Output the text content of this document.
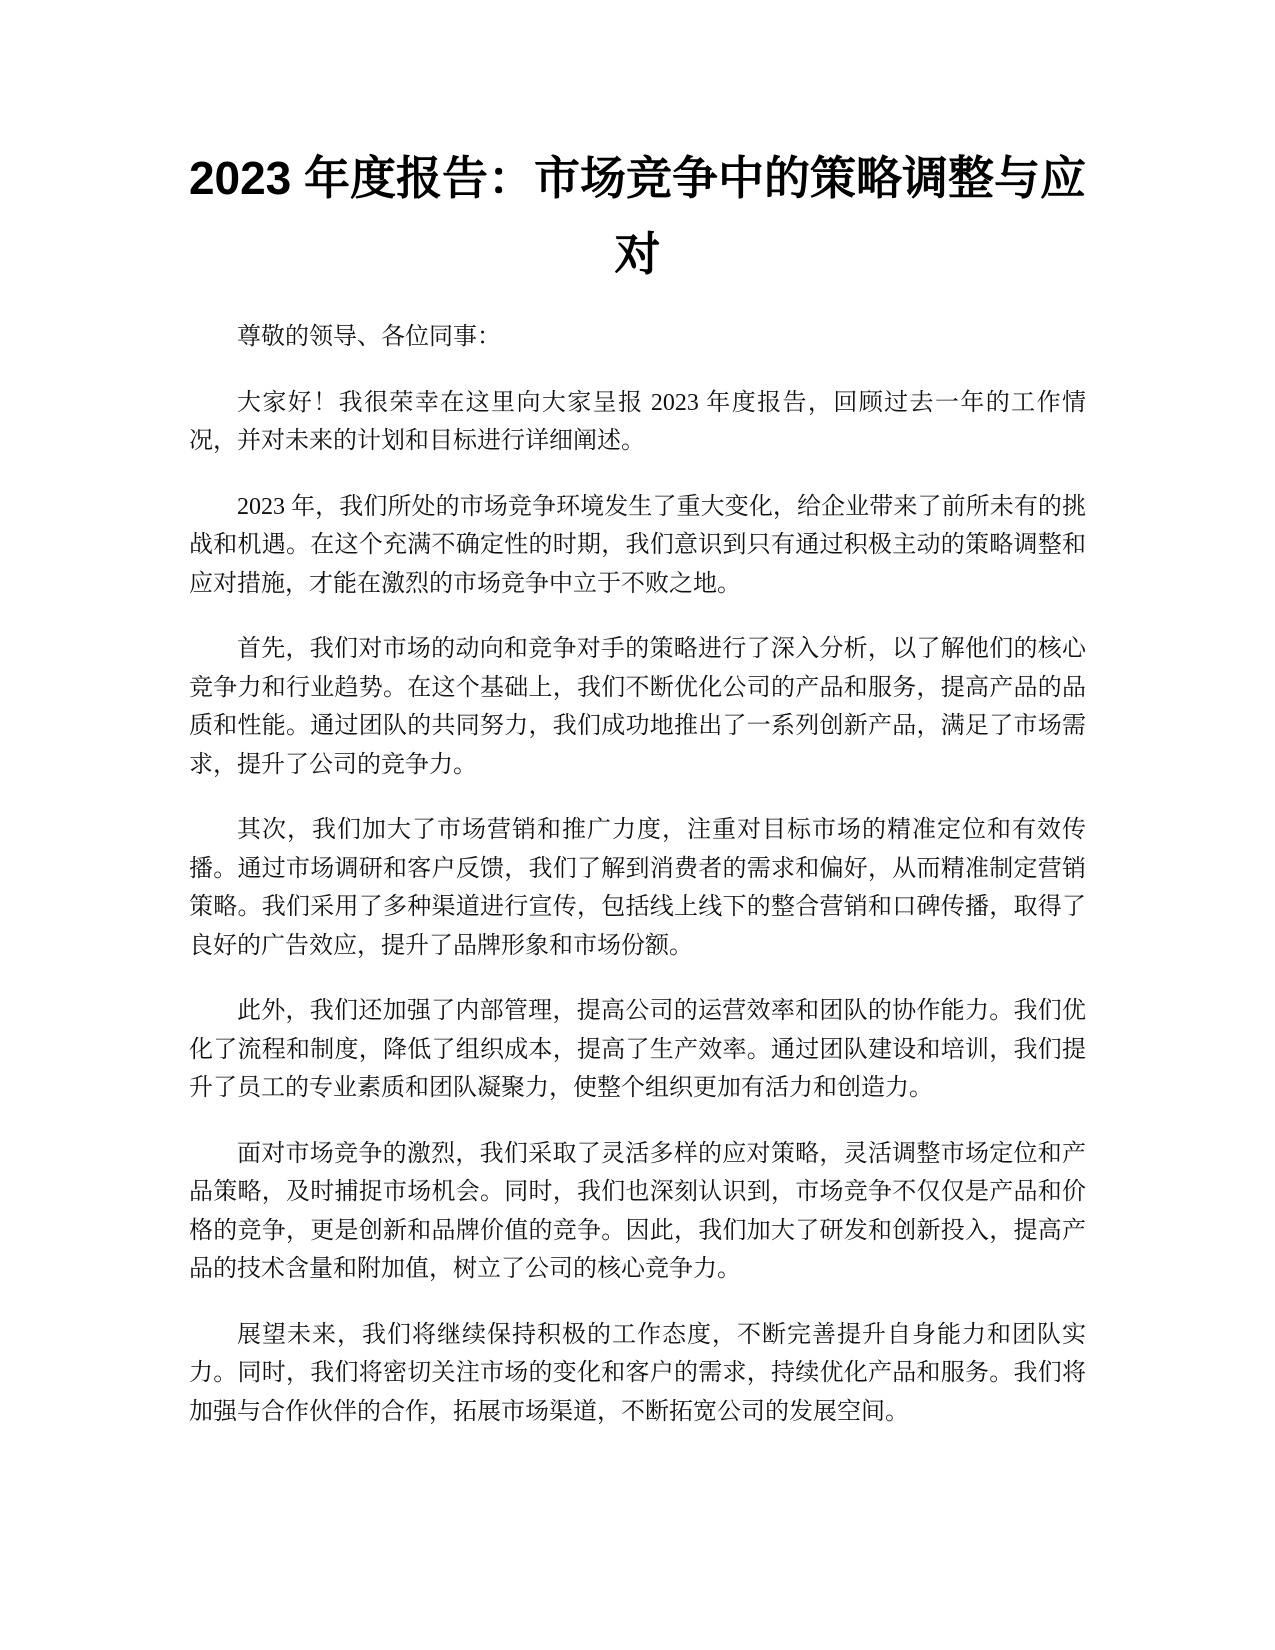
2023 年度报告：市场竞争中的策略调整与应对

尊敬的领导、各位同事：

大家好！我很荣幸在这里向大家呈报 2023 年度报告，回顾过去一年的工作情况，并对未来的计划和目标进行详细阐述。

2023 年，我们所处的市场竞争环境发生了重大变化，给企业带来了前所未有的挑战和机遇。在这个充满不确定性的时期，我们意识到只有通过积极主动的策略调整和应对措施，才能在激烈的市场竞争中立于不败之地。

首先，我们对市场的动向和竞争对手的策略进行了深入分析，以了解他们的核心竞争力和行业趋势。在这个基础上，我们不断优化公司的产品和服务，提高产品的品质和性能。通过团队的共同努力，我们成功地推出了一系列创新产品，满足了市场需求，提升了公司的竞争力。

其次，我们加大了市场营销和推广力度，注重对目标市场的精准定位和有效传播。通过市场调研和客户反馈，我们了解到消费者的需求和偏好，从而精准制定营销策略。我们采用了多种渠道进行宣传，包括线上线下的整合营销和口碑传播，取得了良好的广告效应，提升了品牌形象和市场份额。

此外，我们还加强了内部管理，提高公司的运营效率和团队的协作能力。我们优化了流程和制度，降低了组织成本，提高了生产效率。通过团队建设和培训，我们提升了员工的专业素质和团队凝聚力，使整个组织更加有活力和创造力。

面对市场竞争的激烈，我们采取了灵活多样的应对策略，灵活调整市场定位和产品策略，及时捕捉市场机会。同时，我们也深刻认识到，市场竞争不仅仅是产品和价格的竞争，更是创新和品牌价值的竞争。因此，我们加大了研发和创新投入，提高产品的技术含量和附加值，树立了公司的核心竞争力。

展望未来，我们将继续保持积极的工作态度，不断完善提升自身能力和团队实力。同时，我们将密切关注市场的变化和客户的需求，持续优化产品和服务。我们将加强与合作伙伴的合作，拓展市场渠道，不断拓宽公司的发展空间。
